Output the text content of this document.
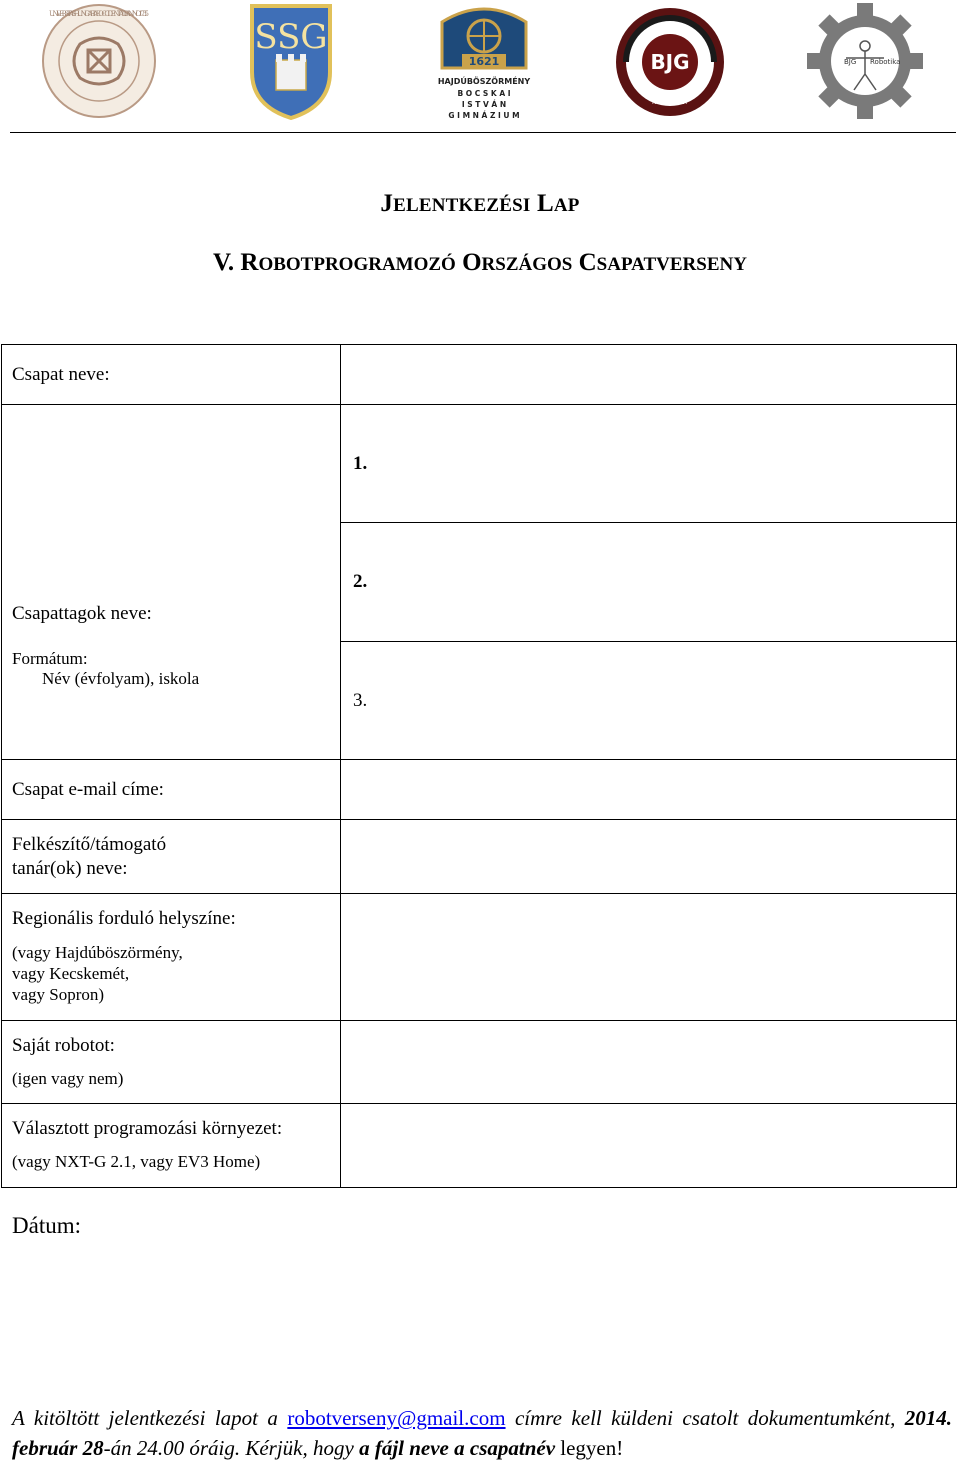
UNIVERSITAS HUNGARIAE OCCIDENTALIS · ANNO 1735
SSG
1621
HAJDÚBÖSZÖRMÉNY
B O C S K A I
I S T V Á N
G I M N Á Z I U M
BJG
KECSKEMÉT
BJG Robotika
JELENTKEZÉSI LAP
V. ROBOTPROGRAMOZÓ ORSZÁGOS CSAPATVERSENY
Csapat neve:	

Csapattagok neve:
Formátum:
Név (évfolyam), iskola	1.

	2.

	3.

Csapat e-mail címe:	

Felkészítő/támogató tanár(ok) neve:	

Regionális forduló helyszíne:
(vagy Hajdúböszörmény,
vagy Kecskemét,
vagy Sopron)	

Saját robotot:
(igen vagy nem)	

Választott programozási környezet:
(vagy NXT-G 2.1, vagy EV3 Home)	

Dátum:
A kitöltött jelentkezési lapot a robotverseny@gmail.com címre kell küldeni csatolt dokumentumként, 2014. február 28-án 24.00 óráig. Kérjük, hogy a fájl neve a csapatnév legyen!
